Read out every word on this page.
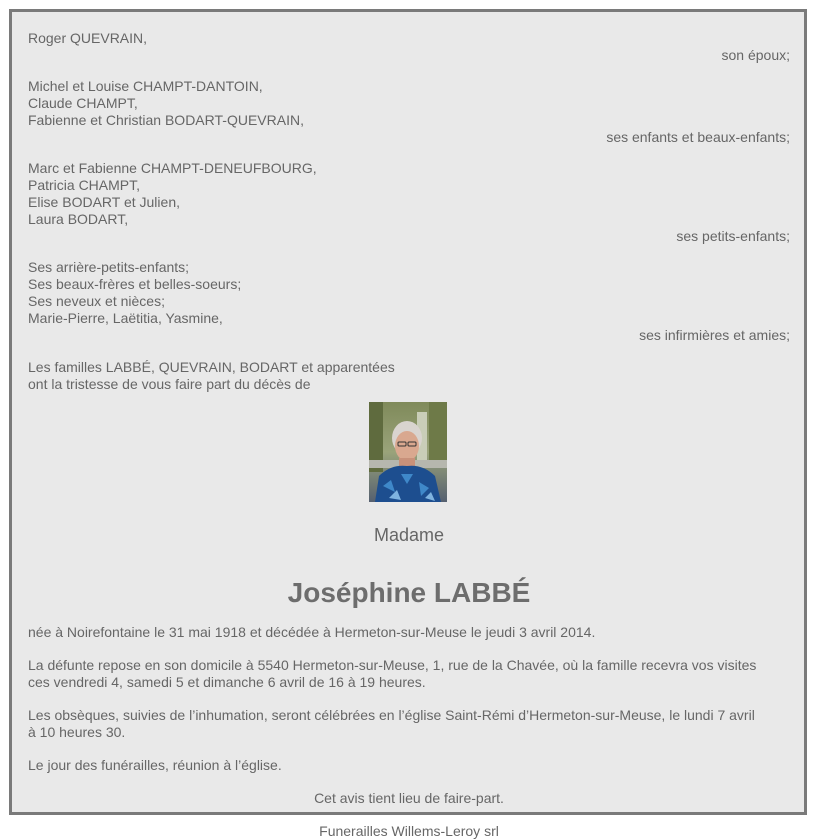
Roger QUEVRAIN,
son époux;
Michel et Louise CHAMPT-DANTOIN,
Claude CHAMPT,
Fabienne et Christian BODART-QUEVRAIN,
ses enfants et beaux-enfants;
Marc et Fabienne CHAMPT-DENEUFBOURG,
Patricia CHAMPT,
Elise BODART et Julien,
Laura BODART,
ses petits-enfants;
Ses arrière-petits-enfants;
Ses beaux-frères et belles-soeurs;
Ses neveux et nièces;
Marie-Pierre, Laëtitia, Yasmine,
ses infirmières et amies;
Les familles LABBÉ, QUEVRAIN, BODART et apparentées
ont la tristesse de vous faire part du décès de
Madame
Joséphine LABBÉ
née à Noirefontaine le 31 mai 1918 et décédée à Hermeton-sur-Meuse le jeudi 3 avril 2014.
La défunte repose en son domicile à 5540 Hermeton-sur-Meuse, 1, rue de la Chavée, où la famille recevra vos visites
ces vendredi 4, samedi 5 et dimanche 6 avril de 16 à 19 heures.
Les obsèques, suivies de l’inhumation, seront célébrées en l’église Saint-Rémi d’Hermeton-sur-Meuse, le lundi 7 avril
à 10 heures 30.
Le jour des funérailles, réunion à l’église.
Cet avis tient lieu de faire-part.
Funerailles Willems-Leroy srl
